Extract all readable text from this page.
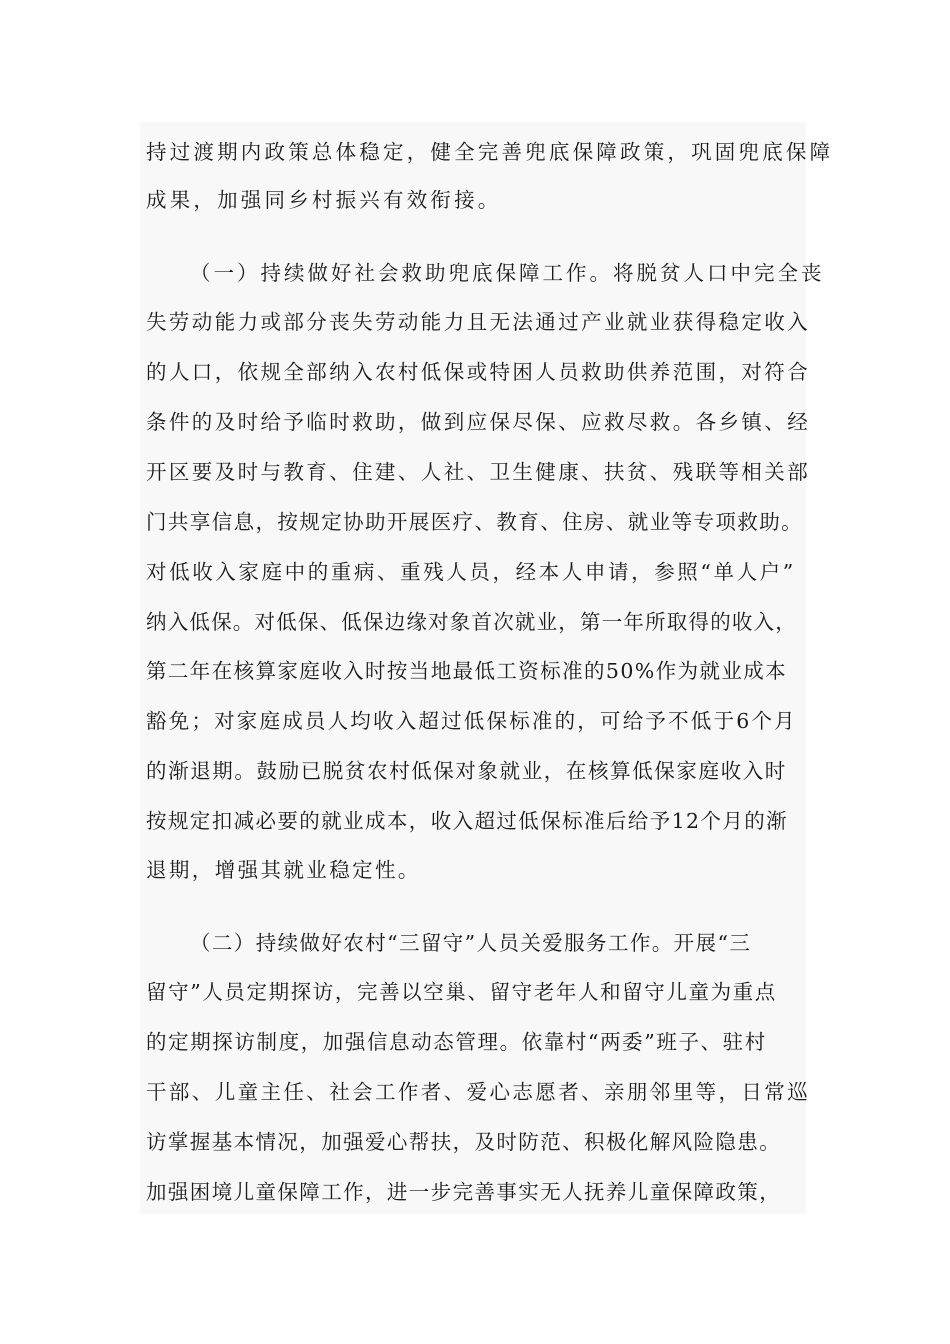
持过渡期内政策总体稳定，健全完善兜底保障政策，巩固兜底保障
成果，加强同乡村振兴有效衔接。
（一）持续做好社会救助兜底保障工作。将脱贫人口中完全丧
失劳动能力或部分丧失劳动能力且无法通过产业就业获得稳定收入
的人口，依规全部纳入农村低保或特困人员救助供养范围，对符合
条件的及时给予临时救助，做到应保尽保、应救尽救。各乡镇、经
开区要及时与教育、住建、人社、卫生健康、扶贫、残联等相关部
门共享信息，按规定协助开展医疗、教育、住房、就业等专项救助。
对低收入家庭中的重病、重残人员，经本人申请，参照“单人户”
纳入低保。对低保、低保边缘对象首次就业，第一年所取得的收入，
第二年在核算家庭收入时按当地最低工资标准的50%作为就业成本
豁免；对家庭成员人均收入超过低保标准的，可给予不低于6个月
的渐退期。鼓励已脱贫农村低保对象就业，在核算低保家庭收入时
按规定扣减必要的就业成本，收入超过低保标准后给予12个月的渐
退期，增强其就业稳定性。
（二）持续做好农村“三留守”人员关爱服务工作。开展“三
留守”人员定期探访，完善以空巢、留守老年人和留守儿童为重点
的定期探访制度，加强信息动态管理。依靠村“两委”班子、驻村
干部、儿童主任、社会工作者、爱心志愿者、亲朋邻里等，日常巡
访掌握基本情况，加强爱心帮扶，及时防范、积极化解风险隐患。
加强困境儿童保障工作，进一步完善事实无人抚养儿童保障政策，
